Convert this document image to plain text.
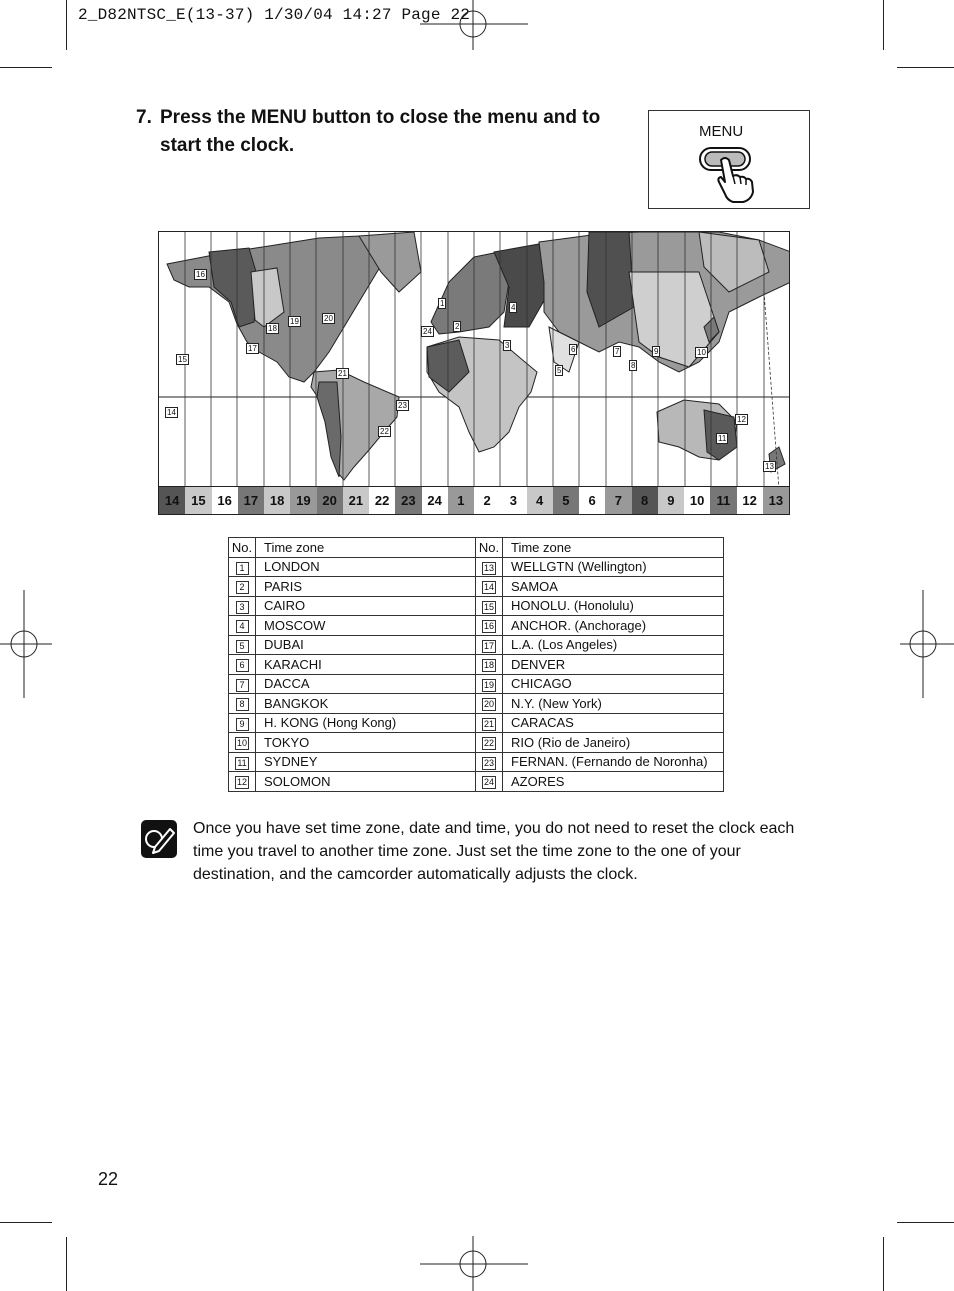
2_D82NTSC_E(13-37) 1/30/04 14:27 Page 22
7. Press the MENU button to close the menu and to start the clock.
MENU
1
2
3
4
5
6	7
8
9	10
11
12
13
14
15
16
17
18
19	20
21
22
23
24
14 15 16 17 18 19 20 21 22 23 24	1	2	3	4	5	6	7	8	9	10 11 12 13
No.	Time zone	No.	Time zone
1	LONDON	13	WELLGTN (Wellington)
2	PARIS	14	SAMOA
3	CAIRO	15	HONOLU. (Honolulu)
4	MOSCOW	16	ANCHOR. (Anchorage)
5	DUBAI	17	L.A. (Los Angeles)
6	KARACHI	18	DENVER
7	DACCA	19	CHICAGO
8	BANGKOK	20	N.Y. (New York)
9	H. KONG (Hong Kong)	21	CARACAS
10	TOKYO	22	RIO (Rio de Janeiro)
11	SYDNEY	23	FERNAN. (Fernando de Noronha)
12	SOLOMON	24	AZORES
Once you have set time zone, date and time, you do not need to reset the clock each time you travel to another time zone. Just set the time zone to the one of your destination, and the camcorder automatically adjusts the clock.
22
